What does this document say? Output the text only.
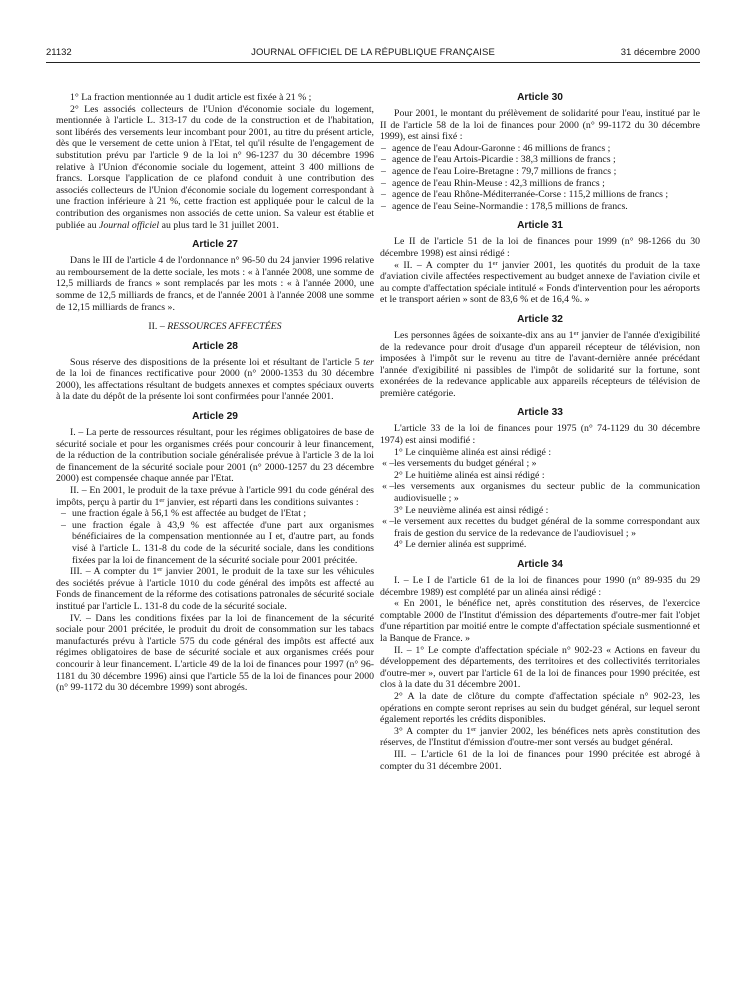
21132	JOURNAL OFFICIEL DE LA RÉPUBLIQUE FRANÇAISE	31 décembre 2000

1° La fraction mentionnée au 1 dudit article est fixée à 21 % ;

2° Les associés collecteurs de l'Union d'économie sociale du logement, mentionnée à l'article L. 313-17 du code de la construction et de l'habitation, sont libérés des versements leur incombant pour 2001, au titre du présent article, dès que le versement de cette union à l'Etat, tel qu'il résulte de l'engagement de substitution prévu par l'article 9 de la loi n° 96-1237 du 30 décembre 1996 relative à l'Union d'économie sociale du logement, atteint 3 400 millions de francs. Lorsque l'application de ce plafond conduit à une contribution des associés collecteurs de l'Union d'économie sociale du logement correspondant à une fraction inférieure à 21 %, cette fraction est appliquée pour le calcul de la contribution des organismes non associés de cette union. Sa valeur est établie et publiée au Journal officiel au plus tard le 31 juillet 2001.

Article 27

Dans le III de l'article 4 de l'ordonnance n° 96-50 du 24 janvier 1996 relative au remboursement de la dette sociale, les mots : « à l'année 2008, une somme de 12,5 milliards de francs » sont remplacés par les mots : « à l'année 2000, une somme de 12,5 milliards de francs, et de l'année 2001 à l'année 2008 une somme de 12,15 milliards de francs ».

II. – RESSOURCES AFFECTÉES
Article 28

Sous réserve des dispositions de la présente loi et résultant de l'article 5 ter de la loi de finances rectificative pour 2000 (n° 2000-1353 du 30 décembre 2000), les affectations résultant de budgets annexes et comptes spéciaux ouverts à la date du dépôt de la présente loi sont confirmées pour l'année 2001.

Article 29

I. – La perte de ressources résultant, pour les régimes obligatoires de base de sécurité sociale et pour les organismes créés pour concourir à leur financement, de la réduction de la contribution sociale généralisée prévue à l'article 3 de la loi de financement de la sécurité sociale pour 2001 (n° 2000-1257 du 23 décembre 2000) est compensée chaque année par l'Etat.

II. – En 2001, le produit de la taxe prévue à l'article 991 du code général des impôts, perçu à partir du 1er janvier, est réparti dans les conditions suivantes :

– une fraction égale à 56,1 % est affectée au budget de l'Etat ;
– une fraction égale à 43,9 % est affectée d'une part aux organismes bénéficiaires de la compensation mentionnée au I et, d'autre part, au fonds visé à l'article L. 131-8 du code de la sécurité sociale, dans les conditions fixées par la loi de financement de la sécurité sociale pour 2001 précitée.

III. – A compter du 1er janvier 2001, le produit de la taxe sur les véhicules des sociétés prévue à l'article 1010 du code général des impôts est affecté au Fonds de financement de la réforme des cotisations patronales de sécurité sociale institué par l'article L. 131-8 du code de la sécurité sociale.

IV. – Dans les conditions fixées par la loi de financement de la sécurité sociale pour 2001 précitée, le produit du droit de consommation sur les tabacs manufacturés prévu à l'article 575 du code général des impôts est affecté aux régimes obligatoires de base de sécurité sociale et aux organismes créés pour concourir à leur financement. L'article 49 de la loi de finances pour 1997 (n° 96-1181 du 30 décembre 1996) ainsi que l'article 55 de la loi de finances pour 2000 (n° 99-1172 du 30 décembre 1999) sont abrogés.

Article 30

Pour 2001, le montant du prélèvement de solidarité pour l'eau, institué par le II de l'article 58 de la loi de finances pour 2000 (n° 99-1172 du 30 décembre 1999), est ainsi fixé :

– agence de l'eau Adour-Garonne : 46 millions de francs ;
– agence de l'eau Artois-Picardie : 38,3 millions de francs ;
– agence de l'eau Loire-Bretagne : 79,7 millions de francs ;
– agence de l'eau Rhin-Meuse : 42,3 millions de francs ;
– agence de l'eau Rhône-Méditerranée-Corse : 115,2 millions de francs ;
– agence de l'eau Seine-Normandie : 178,5 millions de francs.
Article 31

Le II de l'article 51 de la loi de finances pour 1999 (n° 98-1266 du 30 décembre 1998) est ainsi rédigé :

« II. – A compter du 1er janvier 2001, les quotités du produit de la taxe d'aviation civile affectées respectivement au budget annexe de l'aviation civile et au compte d'affectation spéciale intitulé « Fonds d'intervention pour les aéroports et le transport aérien » sont de 83,6 % et de 16,4 %. »

Article 32

Les personnes âgées de soixante-dix ans au 1er janvier de l'année d'exigibilité de la redevance pour droit d'usage d'un appareil récepteur de télévision, non imposées à l'impôt sur le revenu au titre de l'avant-dernière année précédant l'année d'exigibilité ni passibles de l'impôt de solidarité sur la fortune, sont exonérées de la redevance applicable aux appareils récepteurs de télévision de première catégorie.

Article 33

L'article 33 de la loi de finances pour 1975 (n° 74-1129 du 30 décembre 1974) est ainsi modifié :

1° Le cinquième alinéa est ainsi rédigé :

« – les versements du budget général ; »

2° Le huitième alinéa est ainsi rédigé :

« – les versements aux organismes du secteur public de la communication audiovisuelle ; »

3° Le neuvième alinéa est ainsi rédigé :

« – le versement aux recettes du budget général de la somme correspondant aux frais de gestion du service de la redevance de l'audiovisuel ; »

4° Le dernier alinéa est supprimé.

Article 34

I. – Le I de l'article 61 de la loi de finances pour 1990 (n° 89-935 du 29 décembre 1989) est complété par un alinéa ainsi rédigé :

« En 2001, le bénéfice net, après constitution des réserves, de l'exercice comptable 2000 de l'Institut d'émission des départements d'outre-mer fait l'objet d'une répartition par moitié entre le compte d'affectation spéciale susmentionné et la Banque de France. »

II. – 1° Le compte d'affectation spéciale n° 902-23 « Actions en faveur du développement des départements, des territoires et des collectivités territoriales d'outre-mer », ouvert par l'article 61 de la loi de finances pour 1990 précitée, est clos à la date du 31 décembre 2001.

2° A la date de clôture du compte d'affectation spéciale n° 902-23, les opérations en compte seront reprises au sein du budget général, sur lequel seront également reportés les crédits disponibles.

3° A compter du 1er janvier 2002, les bénéfices nets après constitution des réserves, de l'Institut d'émission d'outre-mer sont versés au budget général.

III. – L'article 61 de la loi de finances pour 1990 précitée est abrogé à compter du 31 décembre 2001.
